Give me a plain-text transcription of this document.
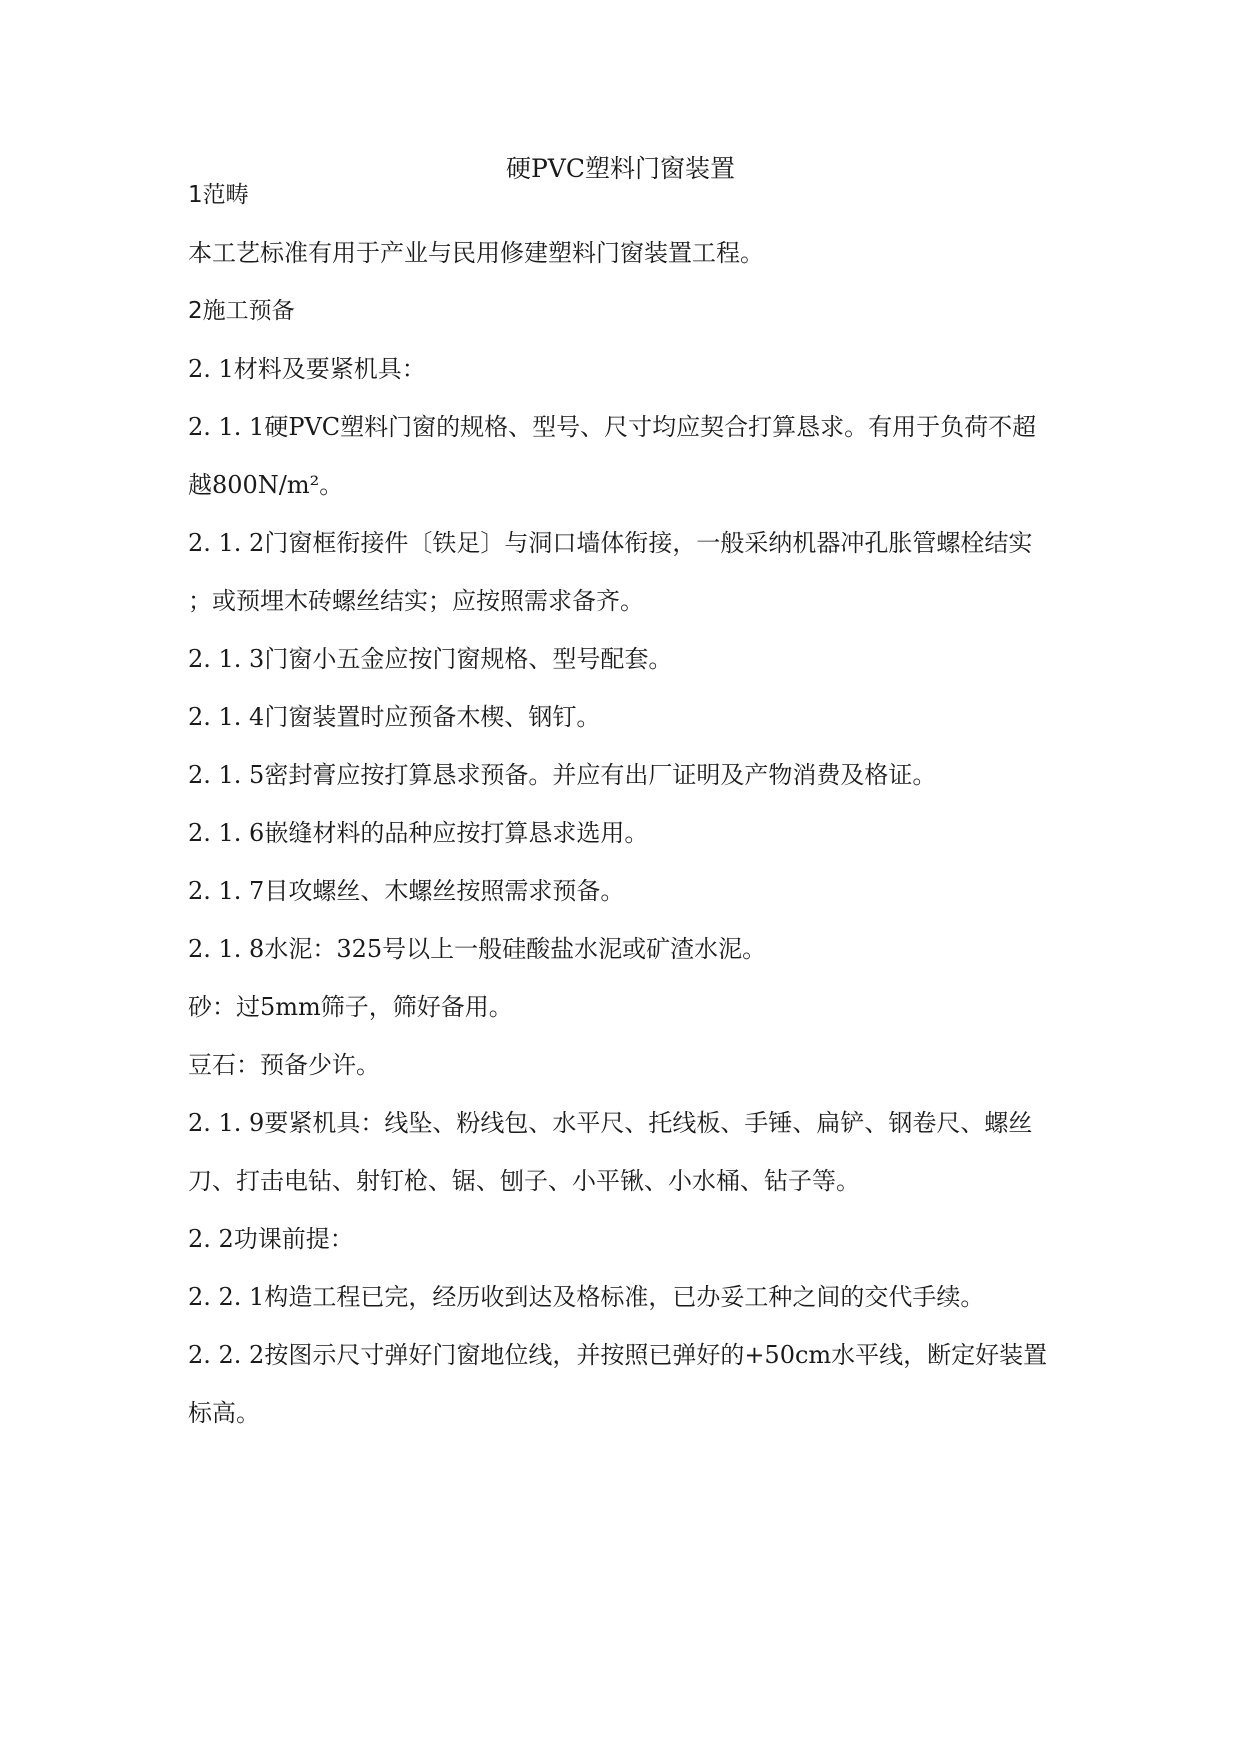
硬PVC塑料门窗装置
1范畴
本工艺标准有用于产业与民用修建塑料门窗装置工程。
2施工预备
2. 1材料及要紧机具：
2. 1. 1硬PVC塑料门窗的规格、型号、尺寸均应契合打算恳求。有用于负荷不超
越800N/m²。
2. 1. 2门窗框衔接件〔铁足〕与洞口墙体衔接，一般采纳机器冲孔胀管螺栓结实
；或预埋木砖螺丝结实；应按照需求备齐。
2. 1. 3门窗小五金应按门窗规格、型号配套。
2. 1. 4门窗装置时应预备木楔、钢钉。
2. 1. 5密封膏应按打算恳求预备。并应有出厂证明及产物消费及格证。
2. 1. 6嵌缝材料的品种应按打算恳求选用。
2. 1. 7目攻螺丝、木螺丝按照需求预备。
2. 1. 8水泥：325号以上一般硅酸盐水泥或矿渣水泥。
砂：过5mm筛子，筛好备用。
豆石：预备少许。
2. 1. 9要紧机具：线坠、粉线包、水平尺、托线板、手锤、扁铲、钢卷尺、螺丝
刀、打击电钻、射钉枪、锯、刨子、小平锹、小水桶、钻子等。
2. 2功课前提：
2. 2. 1构造工程已完，经历收到达及格标准，已办妥工种之间的交代手续。
2. 2. 2按图示尺寸弹好门窗地位线，并按照已弹好的+50cm水平线，断定好装置
标高。
